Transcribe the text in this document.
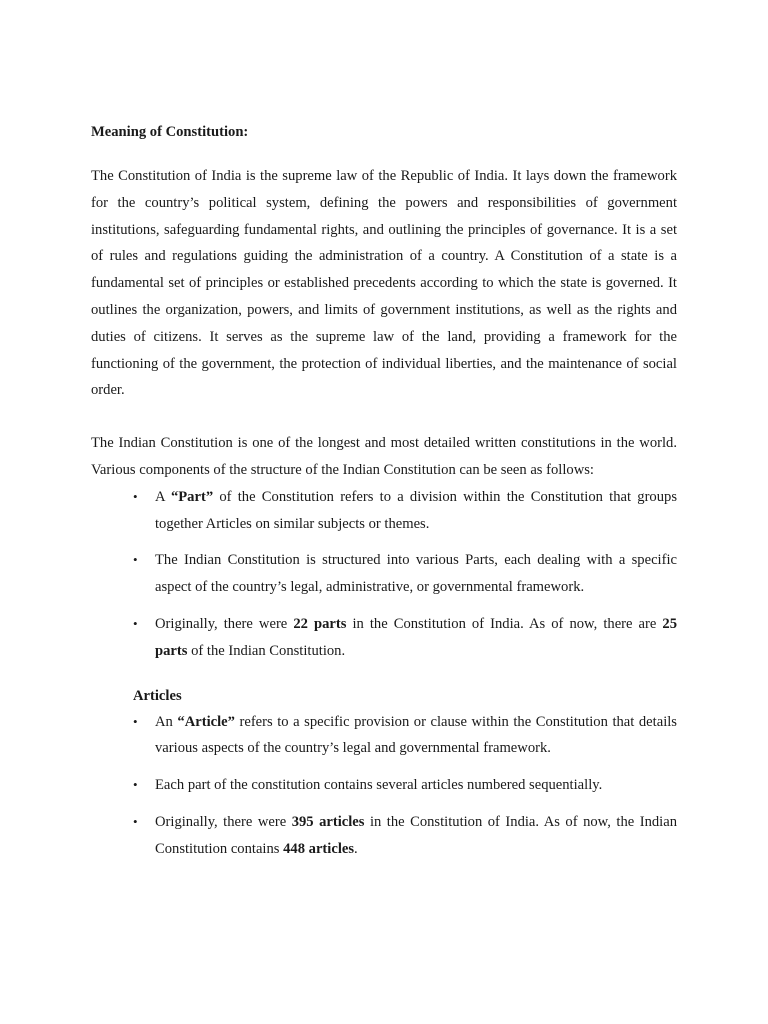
Meaning of Constitution:

The Constitution of India is the supreme law of the Republic of India. It lays down the framework for the country’s political system, defining the powers and responsibilities of government institutions, safeguarding fundamental rights, and outlining the principles of governance. It is a set of rules and regulations guiding the administration of a country. A Constitution of a state is a fundamental set of principles or established precedents according to which the state is governed. It outlines the organization, powers, and limits of government institutions, as well as the rights and duties of citizens. It serves as the supreme law of the land, providing a framework for the functioning of the government, the protection of individual liberties, and the maintenance of social order.

The Indian Constitution is one of the longest and most detailed written constitutions in the world. Various components of the structure of the Indian Constitution can be seen as follows:

• A “Part” of the Constitution refers to a division within the Constitution that groups together Articles on similar subjects or themes.
• The Indian Constitution is structured into various Parts, each dealing with a specific aspect of the country’s legal, administrative, or governmental framework.
• Originally, there were 22 parts in the Constitution of India. As of now, there are 25 parts of the Indian Constitution.

Articles

• An “Article” refers to a specific provision or clause within the Constitution that details various aspects of the country’s legal and governmental framework.
• Each part of the constitution contains several articles numbered sequentially.
• Originally, there were 395 articles in the Constitution of India. As of now, the Indian Constitution contains 448 articles.
